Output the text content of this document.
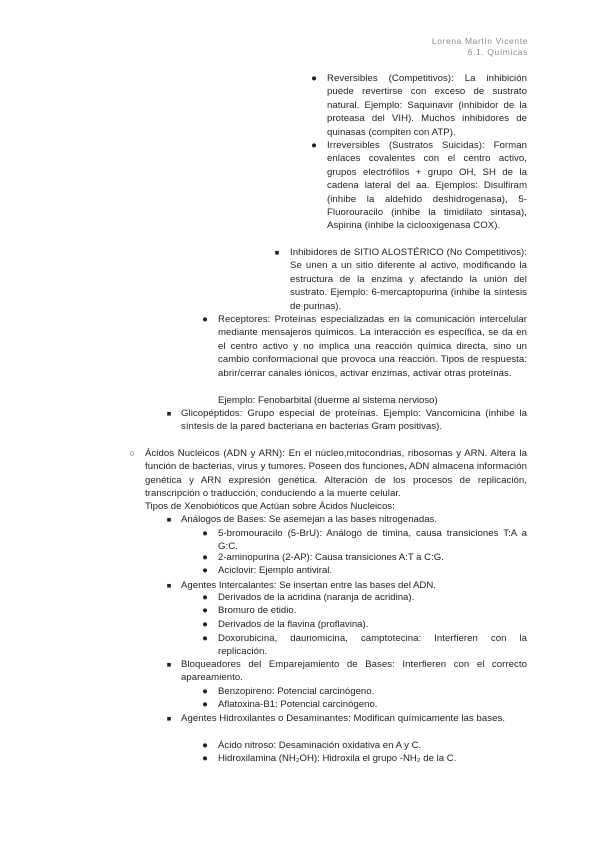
Lorena Martín Vicente
6.1. Químicas
● Reversibles (Competitivos): La inhibición puede revertirse con exceso de sustrato natural. Ejemplo: Saquinavir (inhibidor de la proteasa del VIH). Muchos inhibidores de quinasas (compiten con ATP).

● Irreversibles (Sustratos Suicidas): Forman enlaces covalentes con el centro activo, grupos electrófilos + grupo OH, SH de la cadena lateral del aa. Ejemplos: Disulfiram (inhibe la aldehído deshidrogenasa), 5-Fluorouracilo (inhibe la timidilato sintasa), Aspirina (inhibe la ciclooxigenasa COX).

■ Inhibidores de SITIO ALOSTÉRICO (No Competitivos): Se unen a un sitio diferente al activo, modificando la estructura de la enzima y afectando la unión del sustrato. Ejemplo: 6-mercaptopurina (inhibe la síntesis de purinas).

● Receptores: Proteínas especializadas en la comunicación intercelular mediante mensajeros químicos. La interacción es específica, se da en el centro activo y no implica una reacción química directa, sino un cambio conformacional que provoca una reacción. Tipos de respuesta: abrir/cerrar canales iónicos, activar enzimas, activar otras proteínas.

Ejemplo: Fenobarbital (duerme al sistema nervioso)
■ Glicopéptidos: Grupo especial de proteínas. Ejemplo: Vancomicina (inhibe la síntesis de la pared bacteriana en bacterias Gram positivas).

○ Ácidos Nucleicos (ADN y ARN): En el núcleo,mitocondrias, ribosomas y ARN. Altera la función de bacterias, virus y tumores. Poseen dos funciones, ADN almacena información genética y ARN expresión genética. Alteración de los procesos de replicación, transcripción o traducción, conduciendo a la muerte celular.

Tipos de Xenobióticos que Actúan sobre Ácidos Nucleicos:
■ Análogos de Bases: Se asemejan a las bases nitrogenadas.
● 5-bromouracilo (5-BrU): Análogo de timina, causa transiciones T:A a G:C.

● 2-aminopurina (2-AP): Causa transiciones A:T a C:G.
● Aciclovir: Ejemplo antiviral.
■ Agentes Intercalantes: Se insertan entre las bases del ADN.
● Derivados de la acridina (naranja de acridina).
● Bromuro de etidio.
● Derivados de la flavina (proflavina).
● Doxorubicina, daunomicina, camptotecina: Interfieren con la replicación.

■ Bloqueadores del Emparejamiento de Bases: Interfieren con el correcto apareamiento.

● Benzopireno: Potencial carcinógeno.
● Aflatoxina-B1: Potencial carcinógeno.
■ Agentes Hidroxilantes o Desaminantes: Modifican químicamente las bases.

● Ácido nitroso: Desaminación oxidativa en A y C.
● Hidroxilamina (NH₂OH): Hidroxila el grupo -NH₂ de la C.
